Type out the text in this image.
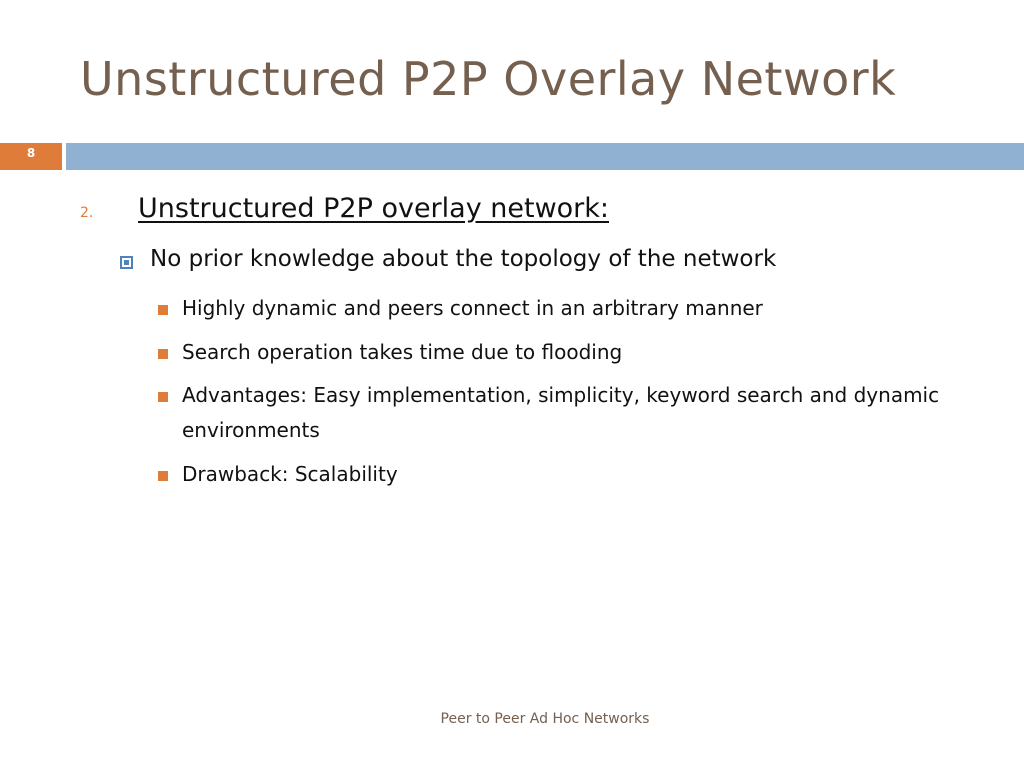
Unstructured P2P Overlay Network
8
2. Unstructured P2P overlay network:
No prior knowledge about the topology of the network
Highly dynamic and peers connect in an arbitrary manner
Search operation takes time due to flooding
Advantages: Easy implementation, simplicity, keyword search and dynamic environments
Drawback: Scalability
Peer to Peer Ad Hoc Networks
